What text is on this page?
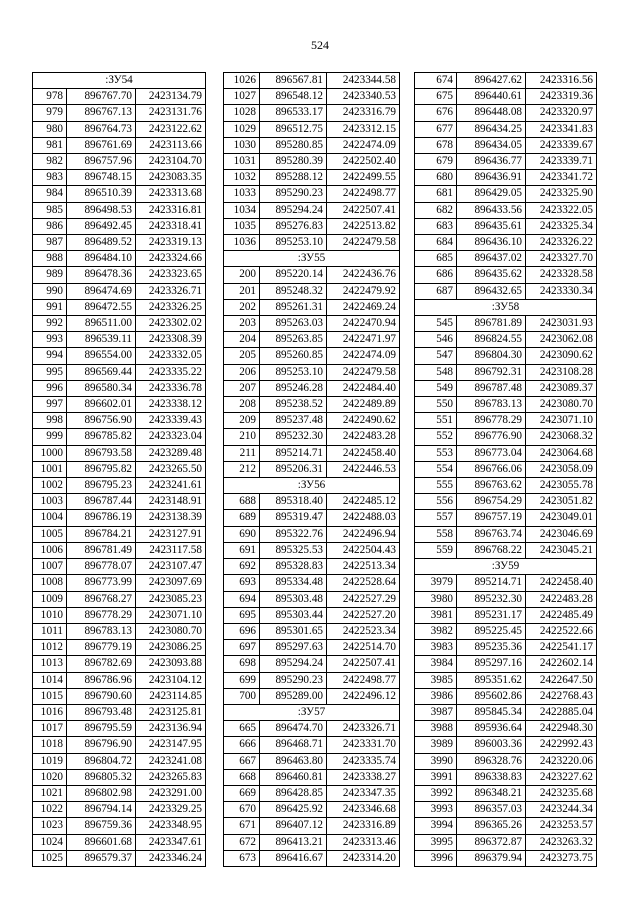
524
:ЗУ54		
978	896767.70	2423134.79
979	896767.13	2423131.76
980	896764.73	2423122.62
981	896761.69	2423113.66
982	896757.96	2423104.70
983	896748.15	2423083.35
984	896510.39	2423313.68
985	896498.53	2423316.81
986	896492.45	2423318.41
987	896489.52	2423319.13
988	896484.10	2423324.66
989	896478.36	2423323.65
990	896474.69	2423326.71
991	896472.55	2423326.25
992	896511.00	2423302.02
993	896539.11	2423308.39
994	896554.00	2423332.05
995	896569.44	2423335.22
996	896580.34	2423336.78
997	896602.01	2423338.12
998	896756.90	2423339.43
999	896785.82	2423323.04
1000	896793.58	2423289.48
1001	896795.82	2423265.50
1002	896795.23	2423241.61
1003	896787.44	2423148.91
1004	896786.19	2423138.39
1005	896784.21	2423127.91
1006	896781.49	2423117.58
1007	896778.07	2423107.47
1008	896773.99	2423097.69
1009	896768.27	2423085.23
1010	896778.29	2423071.10
1011	896783.13	2423080.70
1012	896779.19	2423086.25
1013	896782.69	2423093.88
1014	896786.96	2423104.12
1015	896790.60	2423114.85
1016	896793.48	2423125.81
1017	896795.59	2423136.94
1018	896796.90	2423147.95
1019	896804.72	2423241.08
1020	896805.32	2423265.83
1021	896802.98	2423291.00
1022	896794.14	2423329.25
1023	896759.36	2423348.95
1024	896601.68	2423347.61
1025	896579.37	2423346.24
1026	896567.81	2423344.58
1027	896548.12	2423340.53
1028	896533.17	2423316.79
1029	896512.75	2423312.15
1030	895280.85	2422474.09
1031	895280.39	2422502.40
1032	895288.12	2422499.55
1033	895290.23	2422498.77
1034	895294.24	2422507.41
1035	895276.83	2422513.82
1036	895253.10	2422479.58
:ЗУ55		
200	895220.14	2422436.76
201	895248.32	2422479.92
202	895261.31	2422469.24
203	895263.03	2422470.94
204	895263.85	2422471.97
205	895260.85	2422474.09
206	895253.10	2422479.58
207	895246.28	2422484.40
208	895238.52	2422489.89
209	895237.48	2422490.62
210	895232.30	2422483.28
211	895214.71	2422458.40
212	895206.31	2422446.53
:ЗУ56		
688	895318.40	2422485.12
689	895319.47	2422488.03
690	895322.76	2422496.94
691	895325.53	2422504.43
692	895328.83	2422513.34
693	895334.48	2422528.64
694	895303.48	2422527.29
695	895303.44	2422527.20
696	895301.65	2422523.34
697	895297.63	2422514.70
698	895294.24	2422507.41
699	895290.23	2422498.77
700	895289.00	2422496.12
:ЗУ57		
665	896474.70	2423326.71
666	896468.71	2423331.70
667	896463.80	2423335.74
668	896460.81	2423338.27
669	896428.85	2423347.35
670	896425.92	2423346.68
671	896407.12	2423316.89
672	896413.21	2423313.46
673	896416.67	2423314.20
674	896427.62	2423316.56
675	896440.61	2423319.36
676	896448.08	2423320.97
677	896434.25	2423341.83
678	896434.05	2423339.67
679	896436.77	2423339.71
680	896436.91	2423341.72
681	896429.05	2423325.90
682	896433.56	2423322.05
683	896435.61	2423325.34
684	896436.10	2423326.22
685	896437.02	2423327.70
686	896435.62	2423328.58
687	896432.65	2423330.34
:ЗУ58		
545	896781.89	2423031.93
546	896824.55	2423062.08
547	896804.30	2423090.62
548	896792.31	2423108.28
549	896787.48	2423089.37
550	896783.13	2423080.70
551	896778.29	2423071.10
552	896776.90	2423068.32
553	896773.04	2423064.68
554	896766.06	2423058.09
555	896763.62	2423055.78
556	896754.29	2423051.82
557	896757.19	2423049.01
558	896763.74	2423046.69
559	896768.22	2423045.21
:ЗУ59		
3979	895214.71	2422458.40
3980	895232.30	2422483.28
3981	895231.17	2422485.49
3982	895225.45	2422522.66
3983	895235.36	2422541.17
3984	895297.16	2422602.14
3985	895351.62	2422647.50
3986	895602.86	2422768.43
3987	895845.34	2422885.04
3988	895936.64	2422948.30
3989	896003.36	2422992.43
3990	896328.76	2423220.06
3991	896338.83	2423227.62
3992	896348.21	2423235.68
3993	896357.03	2423244.34
3994	896365.26	2423253.57
3995	896372.87	2423263.32
3996	896379.94	2423273.75
